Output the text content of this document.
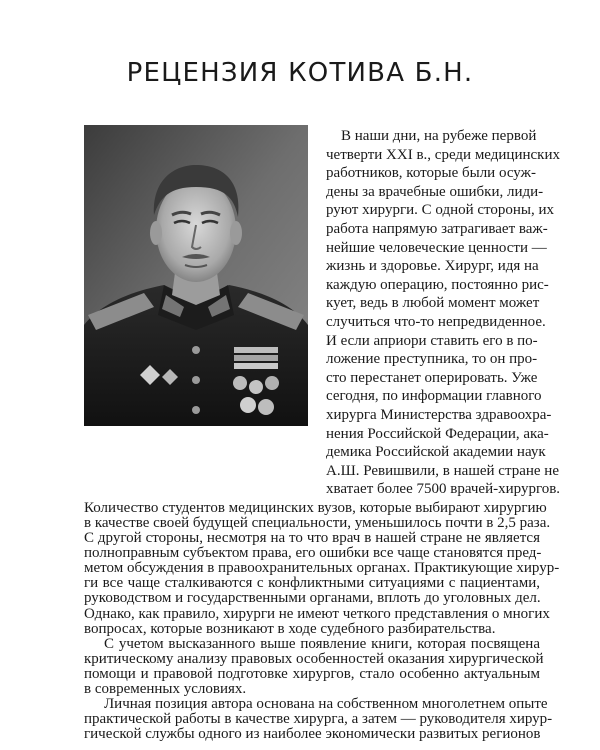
РЕЦЕНЗИЯ КОТИВА Б.Н.
В наши дни, на рубеже первой
четверти XXI в., среди медицинских
работников, которые были осуж-
дены за врачебные ошибки, лиди-
руют хирурги. С одной стороны, их
работа напрямую затрагивает важ-
нейшие человеческие ценности —
жизнь и здоровье. Хирург, идя на
каждую операцию, постоянно рис-
кует, ведь в любой момент может
случиться что-то непредвиденное.
И если априори ставить его в по-
ложение преступника, то он про-
сто перестанет оперировать. Уже
сегодня, по информации главного
хирурга Министерства здравоохра-
нения Российской Федерации, ака-
демика Российской академии наук
А.Ш. Ревишвили, в нашей стране не
хватает более 7500 врачей-хирургов.
Количество студентов медицинских вузов, которые выбирают хирургию
в качестве своей будущей специальности, уменьшилось почти в 2,5 раза.
С другой стороны, несмотря на то что врач в нашей стране не является
полноправным субъектом права, его ошибки все чаще становятся пред-
метом обсуждения в правоохранительных органах. Практикующие хирур-
ги все чаще сталкиваются с конфликтными ситуациями с пациентами,
руководством и государственными органами, вплоть до уголовных дел.
Однако, как правило, хирурги не имеют четкого представления о многих
вопросах, которые возникают в ходе судебного разбирательства.
С учетом высказанного выше появление книги, которая посвящена
критическому анализу правовых особенностей оказания хирургической
помощи и правовой подготовке хирургов, стало особенно актуальным
в современных условиях.
Личная позиция автора основана на собственном многолетнем опыте
практической работы в качестве хирурга, а затем — руководителя хирур-
гической службы одного из наиболее экономически развитых регионов
